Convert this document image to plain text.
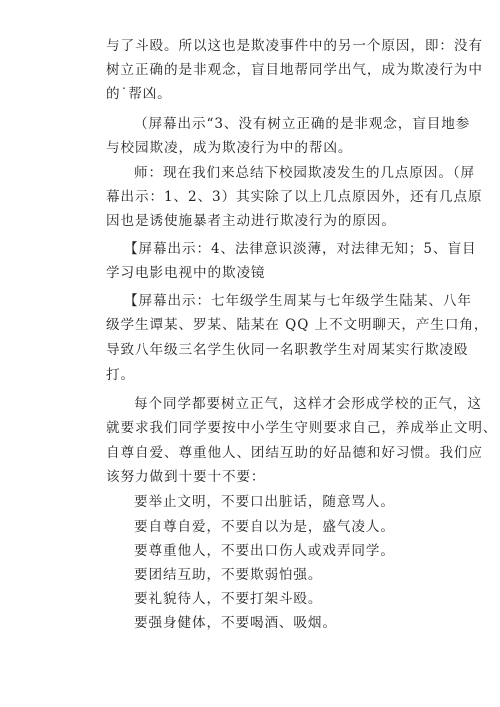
与了斗殴。所以这也是欺凌事件中的另一个原因，即：没有
树立正确的是非观念，盲目地帮同学出气，成为欺凌行为中
的˙帮凶。
（屏幕出示“3、没有树立正确的是非观念，盲目地参
与校园欺凌，成为欺凌行为中的帮凶。
师：现在我们来总结下校园欺凌发生的几点原因。（屏
幕出示：1、2、3）其实除了以上几点原因外，还有几点原
因也是诱使施暴者主动进行欺凌行为的原因。
【屏幕出示：4、法律意识淡薄，对法律无知；5、盲目
学习电影电视中的欺凌镜
【屏幕出示：七年级学生周某与七年级学生陆某、八年
级学生谭某、罗某、陆某在 QQ 上不文明聊天，产生口角，
导致八年级三名学生伙同一名职教学生对周某实行欺凌殴
打。
每个同学都要树立正气，这样才会形成学校的正气，这
就要求我们同学要按中小学生守则要求自己，养成举止文明、
自尊自爱、尊重他人、团结互助的好品德和好习惯。我们应
该努力做到十要十不要：
要举止文明，不要口出脏话，随意骂人。
要自尊自爱，不要自以为是，盛气凌人。
要尊重他人，不要出口伤人或戏弄同学。
要团结互助，不要欺弱怕强。
要礼貌待人，不要打架斗殴。
要强身健体，不要喝酒、吸烟。
